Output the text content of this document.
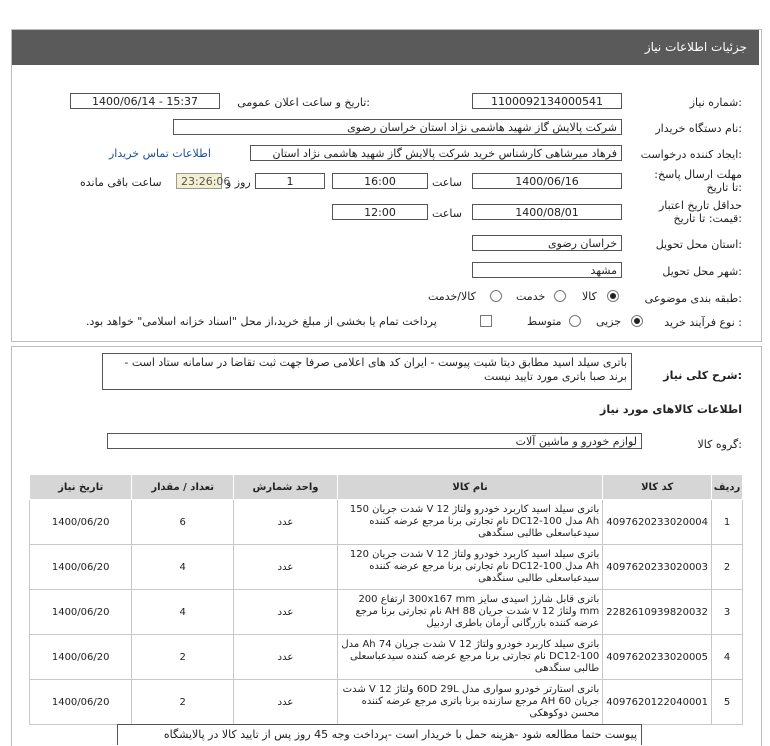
جزئیات اطلاعات نیاز
شماره نیاز:
1100092134000541
تاریخ و ساعت اعلان عمومی:
1400/06/14 - 15:37
نام دستگاه خریدار:
شرکت پالایش گاز شهید هاشمی نژاد استان خراسان رضوی
ایجاد کننده درخواست:
فرهاد میرشاهی کارشناس خرید شرکت پالایش گاز شهید هاشمی نژاد استان
اطلاعات تماس خریدار
مهلت ارسال پاسخ: تا تاریخ:
1400/06/16
ساعت
16:00
1
روز و
23:26:06
ساعت باقی مانده
حداقل تاریخ اعتبار قیمت: تا تاریخ:
1400/08/01
ساعت
12:00
استان محل تحویل:
خراسان رضوی
شهر محل تحویل:
مشهد
طبقه بندی موضوعی:
کالا
خدمت
کالا/خدمت
نوع فرآیند خرید :
جزیی
متوسط
پرداخت تمام یا بخشی از مبلغ خرید،از محل "اسناد خزانه اسلامی" خواهد بود.
شرح کلی نیاز:
باتری سیلد اسید مطابق دیتا شیت پیوست - ایران کد های اعلامی صرفا جهت ثبت تقاضا در سامانه ستاد است - برند صبا باتری مورد تایید نیست
اطلاعات کالاهای مورد نیاز
گروه کالا:
لوازم خودرو و ماشین آلات
ردیف	کد کالا	نام کالا	واحد شمارش	تعداد / مقدار	تاریخ نیاز
1	4097620233020004	باتری سیلد اسید کاربرد خودرو ولتاژ 12 V شدت جریان 150 Ah مدل DC12-100 نام تجارتی برنا مرجع عرضه کننده سیدعباسعلی طالبی سنگدهی	عدد	6	1400/06/20
2	4097620233020003	باتری سیلد اسید کاربرد خودرو ولتاژ 12 V شدت جریان 120 Ah مدل DC12-100 نام تجارتی برنا مرجع عرضه کننده سیدعباسعلی طالبی سنگدهی	عدد	4	1400/06/20
3	2282610939820032	باتری قابل شارژ اسیدی سایز 300x167 mm ارتفاع 200 mm ولتاژ 12 v شدت جریان 88 AH نام تجارتی برنا مرجع عرضه کننده بازرگانی آرمان باطری اردبیل	عدد	4	1400/06/20
4	4097620233020005	باتری سیلد کاربرد خودرو ولتاژ 12 V شدت جریان 74 Ah مدل DC12-100 نام تجارتی برنا مرجع عرضه کننده سیدعباسعلی طالبی سنگدهی	عدد	2	1400/06/20
5	4097620122040001	باتری استارتر خودرو سواری مدل 60D 29L ولتاژ 12 V شدت جریان 60 AH مرجع سازنده برنا باتری مرجع عرضه کننده محسن دوکوهکی	عدد	2	1400/06/20
پیوست حتما مطالعه شود -هزینه حمل با خریدار است -پرداخت وجه 45 روز پس از تایید کالا در پالایشگاه
